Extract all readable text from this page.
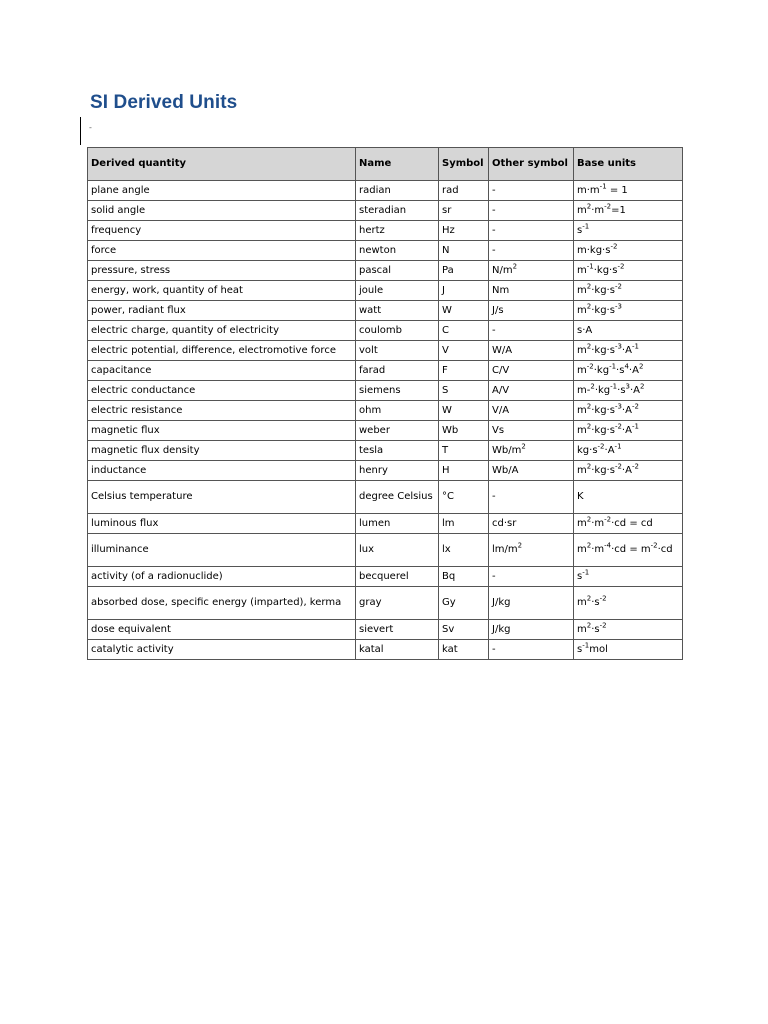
SI Derived Units
-
Derived quantity	Name	Symbol	Other symbol	Base units
plane angle	radian	rad	-	$m\cdot m^{-1} = 1$
solid angle	steradian	sr	-	$m^2\cdot m^{-2}=1$
frequency	hertz	Hz	-	$s^{-1}$
force	newton	N	-	$m\cdot kg\cdot s^{-2}$
pressure, stress	pascal	Pa	$N/m^2$	$m^{-1}\cdot kg\cdot s^{-2}$
energy, work, quantity of heat	joule	J	Nm	$m^2\cdot kg\cdot s^{-2}$
power, radiant flux	watt	W	J/s	$m^2\cdot kg\cdot s^{-3}$
electric charge, quantity of electricity	coulomb	C	-	s·A
electric potential, difference, electromotive force	volt	V	W/A	$m^2\cdot kg\cdot s^{-3}\cdot A^{-1}$
capacitance	farad	F	C/V	$m^{-2}\cdot kg^{-1}\cdot s^4\cdot A^2$
electric conductance	siemens	S	A/V	$m-^2\cdot kg^{-1}\cdot s^3\cdot A^2$
electric resistance	ohm	W	V/A	$m^2\cdot kg\cdot s^{-3}\cdot A^{-2}$
magnetic flux	weber	Wb	Vs	$m^2\cdot kg\cdot s^{-2}\cdot A^{-1}$
magnetic flux density	tesla	T	$Wb/m^2$	$kg\cdot s^{-2}\cdot A^{-1}$
inductance	henry	H	Wb/A	$m^2\cdot kg\cdot s^{-2}\cdot A^{-2}$
Celsius temperature	degree Celsius	°C	-	K
luminous flux	lumen	lm	cd·sr	$m^2\cdot m^{-2}\cdot cd$ = cd
illuminance	lux	lx	$lm/m^2$	$m^2\cdot m^{-4}\cdot cd = m^{-2}\cdot cd$
activity (of a radionuclide)	becquerel	Bq	-	$s^{-1}$
absorbed dose, specific energy (imparted), kerma	gray	Gy	J/kg	$m^2\cdot s^{-2}$
dose equivalent	sievert	Sv	J/kg	$m^2\cdot s^{-2}$
catalytic activity	katal	kat	-	$s^{-1}mol$
